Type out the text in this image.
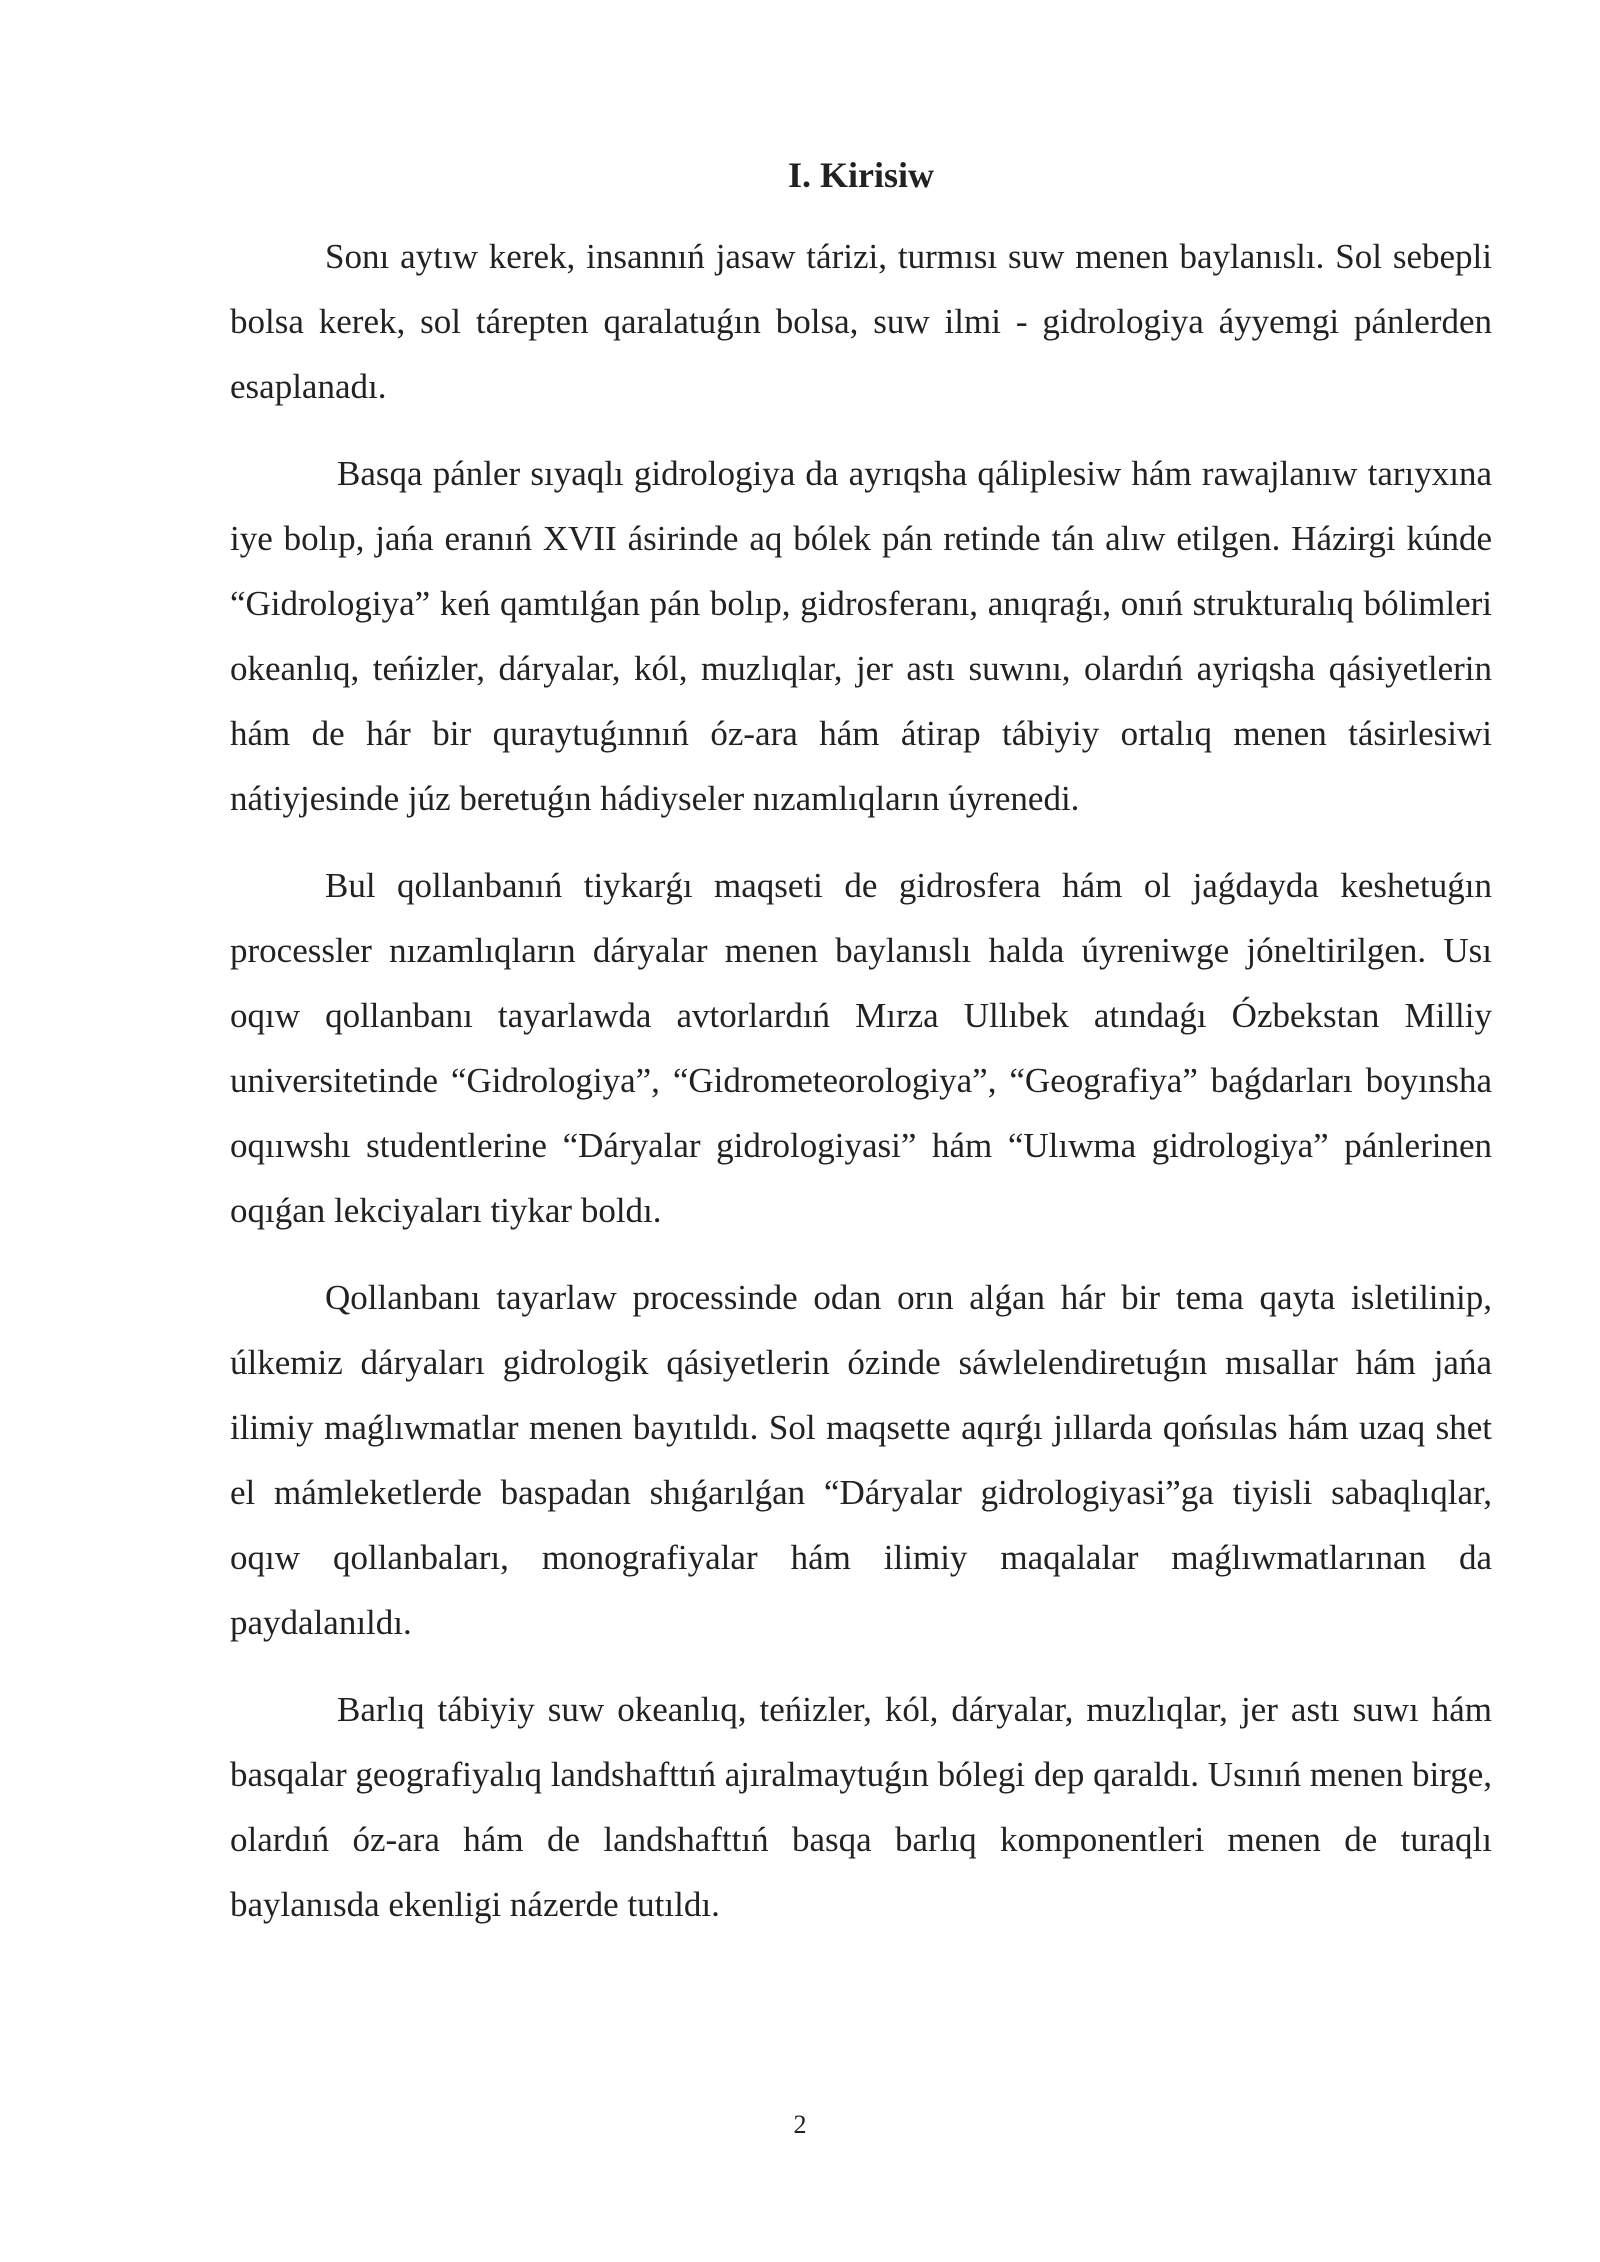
I. Kirisiw

Sonı aytıw kerek, insannıń jasaw tárizi, turmısı suw menen baylanıslı. Sol sebepli bolsa kerek, sol tárepten qaralatuǵın bolsa, suw ilmi - gidrologiya áyyemgi pánlerden esaplanadı.

Basqa pánler sıyaqlı gidrologiya da ayrıqsha qáliplesiw hám rawajlanıw tarıyxına iye bolıp, jańa eranıń XVII ásirinde aq bólek pán retinde tán alıw etilgen. Házirgi kúnde “Gidrologiya” keń qamtılǵan pán bolıp, gidrosferanı, anıqraǵı, onıń strukturalıq bólimleri okeanlıq, teńizler, dáryalar, kól, muzlıqlar, jer astı suwını, olardıń ayriqsha qásiyetlerin hám de hár bir quraytuǵınnıń óz-ara hám átirap tábiyiy ortalıq menen tásirlesiwi nátiyjesinde júz beretuǵın hádiyseler nızamlıqların úyrenedi.

Bul qollanbanıń tiykarǵı maqseti de gidrosfera hám ol jaǵdayda keshetuǵın processler nızamlıqların dáryalar menen baylanıslı halda úyreniwge jóneltirilgen. Usı oqıw qollanbanı tayarlawda avtorlardıń Mırza Ullıbek atındaǵı Ózbekstan Milliy universitetinde “Gidrologiya”, “Gidrometeorologiya”, “Geografiya” baǵdarları boyınsha oqııwshı studentlerine “Dáryalar gidrologiyasi” hám “Ulıwma gidrologiya” pánlerinen oqıǵan lekciyaları tiykar boldı.

Qollanbanı tayarlaw processinde odan orın alǵan hár bir tema qayta isletilinip, úlkemiz dáryaları gidrologik qásiyetlerin ózinde sáwlelendiretuǵın mısallar hám jańa ilimiy maǵlıwmatlar menen bayıtıldı. Sol maqsette aqırǵı jıllarda qońsılas hám uzaq shet el mámleketlerde baspadan shıǵarılǵan “Dáryalar gidrologiyasi”ga tiyisli sabaqlıqlar, oqıw qollanbaları, monografiyalar hám ilimiy maqalalar maǵlıwmatlarınan da paydalanıldı.

Barlıq tábiyiy suw okeanlıq, teńizler, kól, dáryalar, muzlıqlar, jer astı suwı hám basqalar geografiyalıq landshafttıń ajıralmaytuǵın bólegi dep qaraldı. Usınıń menen birge, olardıń óz-ara hám de landshafttıń basqa barlıq komponentleri menen de turaqlı baylanısda ekenligi názerde tutıldı.

2
